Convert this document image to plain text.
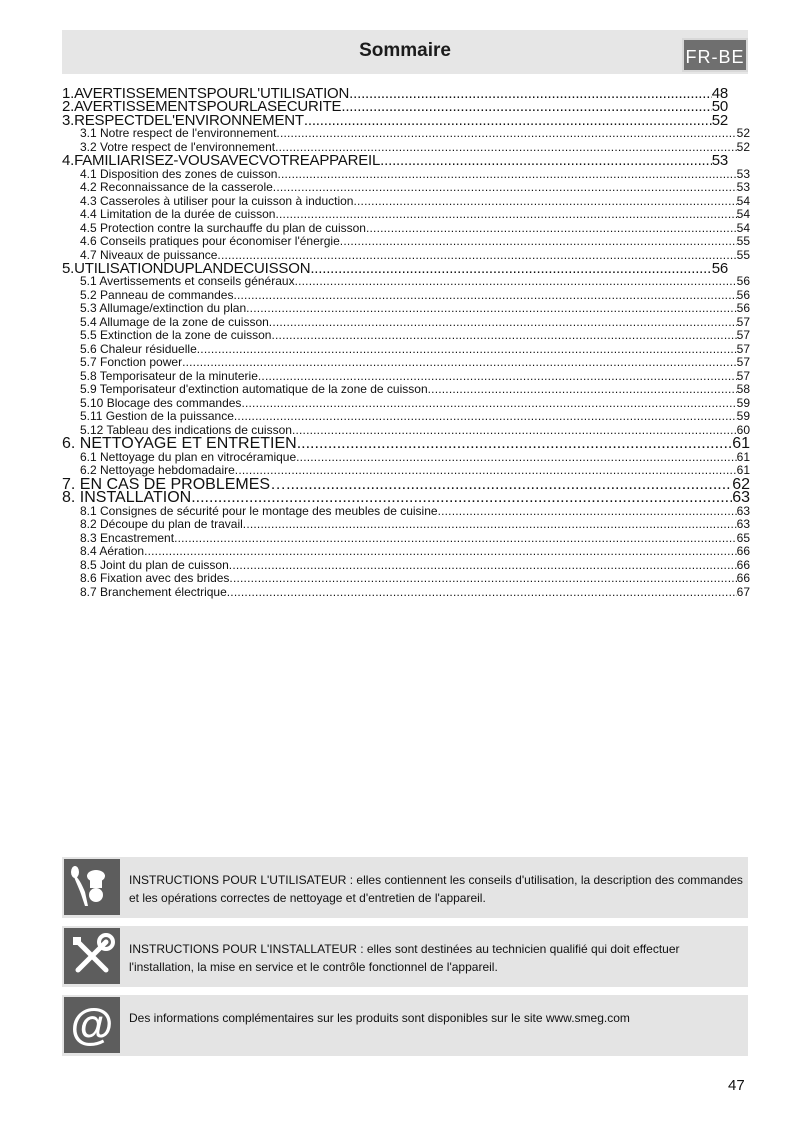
Sommaire	FR-BE
1.AVERTISSEMENTSPOURL'UTILISATION .....	48
2.AVERTISSEMENTSPOURLASECURITE .....	50
3.RESPECTDEL'ENVIRONNEMENT .....	52
3.1 Notre respect de l'environnement .....	52
3.2 Votre respect de l'environnement .....	52
4.FAMILIARISEZ-VOUSAVECVOTREAPPAREIL .....	53
4.1 Disposition des zones de cuisson .....	53
4.2 Reconnaissance de la casserole .....	53
4.3 Casseroles à utiliser pour la cuisson à induction .....	54
4.4 Limitation de la durée de cuisson .....	54
4.5 Protection contre la surchauffe du plan de cuisson .....	54
4.6 Conseils pratiques pour économiser l'énergie .....	55
4.7 Niveaux de puissance .....	55
5.UTILISATIONDUPLANDECUISSON .....	56
5.1 Avertissements et conseils généraux .....	56
5.2 Panneau de commandes .....	56
5.3 Allumage/extinction du plan .....	56
5.4 Allumage de la zone de cuisson .....	57
5.5 Extinction de la zone de cuisson .....	57
5.6 Chaleur résiduelle .....	57
5.7 Fonction power .....	57
5.8 Temporisateur de la minuterie .....	57
5.9 Temporisateur d'extinction automatique de la zone de cuisson .....	58
5.10 Blocage des commandes .....	59
5.11 Gestion de la puissance .....	59
5.12 Tableau des indications de cuisson .....	60
6. NETTOYAGE ET ENTRETIEN .....	61
6.1 Nettoyage du plan en vitrocéramique .....	61
6.2 Nettoyage hebdomadaire .....	61
7. EN CAS DE PROBLEMES… .....	62
8. INSTALLATION .....	63
8.1 Consignes de sécurité pour le montage des meubles de cuisine .....	63
8.2 Découpe du plan de travail .....	63
8.3 Encastrement .....	65
8.4 Aération .....	66
8.5 Joint du plan de cuisson .....	66
8.6 Fixation avec des brides .....	66
8.7 Branchement électrique .....	67
INSTRUCTIONS POUR L'UTILISATEUR : elles contiennent les conseils d'utilisation, la description des commandes et les opérations correctes de nettoyage et d'entretien de l'appareil.
INSTRUCTIONS POUR L'INSTALLATEUR : elles sont destinées au technicien qualifié qui doit effectuer l'installation, la mise en service et le contrôle fonctionnel de l'appareil.
@ Des informations complémentaires sur les produits sont disponibles sur le site www.smeg.com
47
